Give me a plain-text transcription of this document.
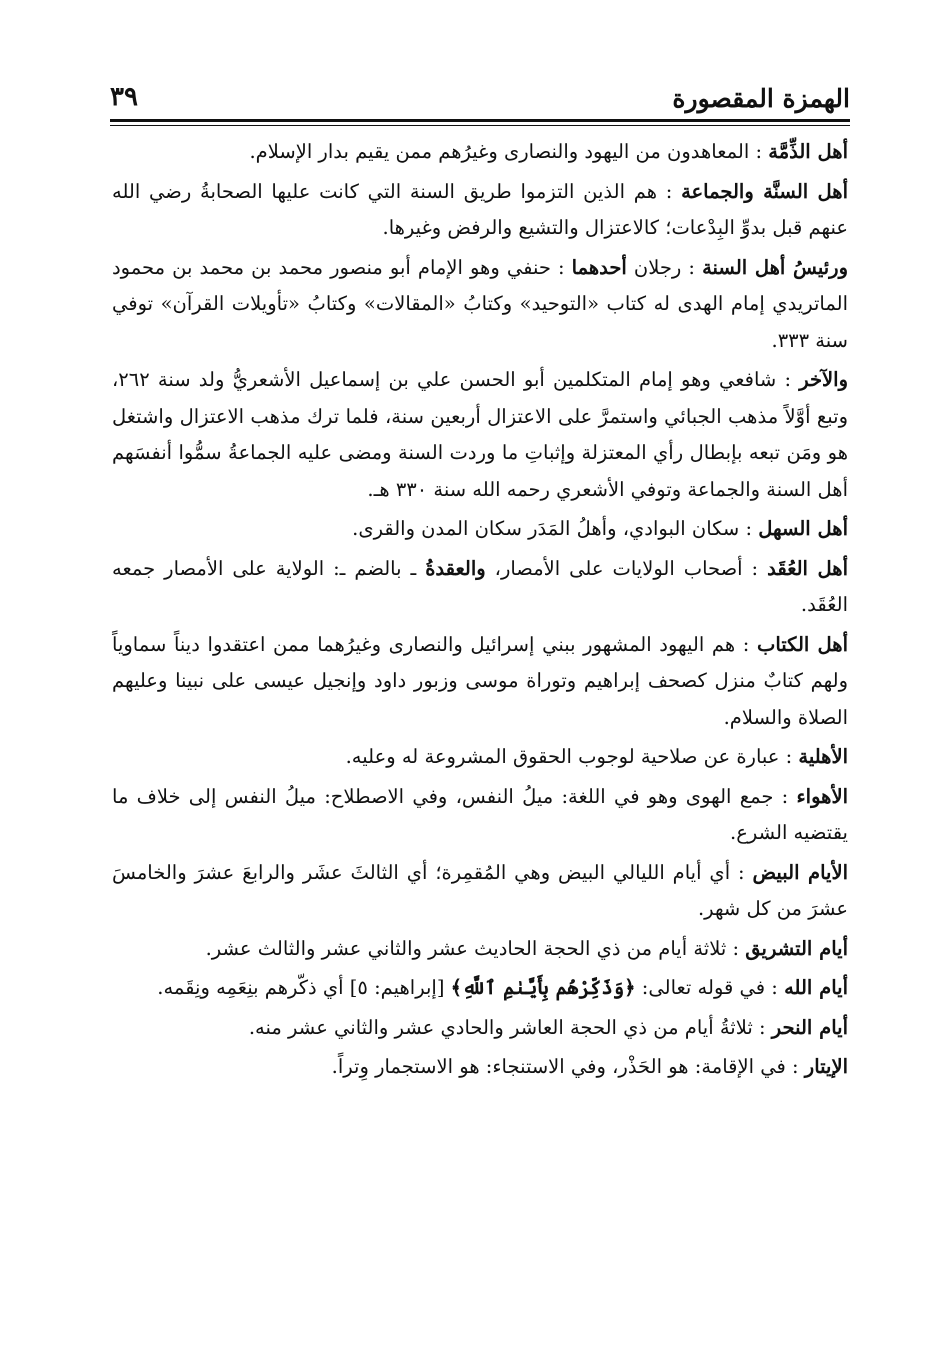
الهمزة المقصورة
٣٩

أهل الذِّمَّة : المعاهدون من اليهود والنصارى وغيرُهم ممن يقيم بدار الإسلام.

أهل السنَّة والجماعة : هم الذين التزموا طريق السنة التي كانت عليها الصحابةُ رضي الله عنهم قبل بدوِّ البِدْعات؛ كالاعتزال والتشيع والرفض وغيرها.

ورئيسُ أهل السنة : رجلان أحدهما : حنفي وهو الإمام أبو منصور محمد بن محمد بن محمود الماتريدي إمام الهدى له كتاب «التوحيد» وكتابُ «المقالات» وكتابُ «تأويلات القرآن» توفي سنة ٣٣٣.

والآخر : شافعي وهو إمام المتكلمين أبو الحسن علي بن إسماعيل الأشعريُّ ولد سنة ٢٦٢، وتبع أوَّلاً مذهب الجبائي واستمرَّ على الاعتزال أربعين سنة، فلما ترك مذهب الاعتزال واشتغل هو ومَن تبعه بإبطال رأي المعتزلة وإثباتِ ما وردت السنة ومضى عليه الجماعةُ سمُّوا أنفسَهم أهل السنة والجماعة وتوفي الأشعري رحمه الله سنة ٣٣٠ هـ.

أهل السهل : سكان البوادي، وأهلُ المَدَر سكان المدن والقرى.

أهل العُقَد : أصحاب الولايات على الأمصار، والعقدةُ ـ بالضم ـ: الولاية على الأمصار جمعه العُقَد.

أهل الكتاب : هم اليهود المشهور ببني إسرائيل والنصارى وغيرُهما ممن اعتقدوا ديناً سماوياً ولهم كتابٌ منزل كصحف إبراهيم وتوراة موسى وزبور داود وإنجيل عيسى على نبينا وعليهم الصلاة والسلام.

الأهلية : عبارة عن صلاحية لوجوب الحقوق المشروعة له وعليه.

الأهواء : جمع الهوى وهو في اللغة: ميلُ النفس، وفي الاصطلاح: ميلُ النفس إلى خلاف ما يقتضيه الشرع.

الأيام البيض : أي أيام الليالي البيض وهي المُقمِرة؛ أي الثالثَ عشَر والرابعَ عشرَ والخامسَ عشرَ من كل شهر.

أيام التشريق : ثلاثة أيام من ذي الحجة الحاديث عشر والثاني عشر والثالث عشر.

أيام الله : في قوله تعالى: ﴿وَذَكِّرْهُم بِأَيَّىٰمِ ٱللَّهِ﴾ [إبراهيم: ٥] أي ذكّرهم بنِعَمِه ونِقَمه.

أيام النحر : ثلاثةُ أيام من ذي الحجة العاشر والحادي عشر والثاني عشر منه.

الإيتار : في الإقامة: هو الحَذْر، وفي الاستنجاء: هو الاستجمار وِتراً.
